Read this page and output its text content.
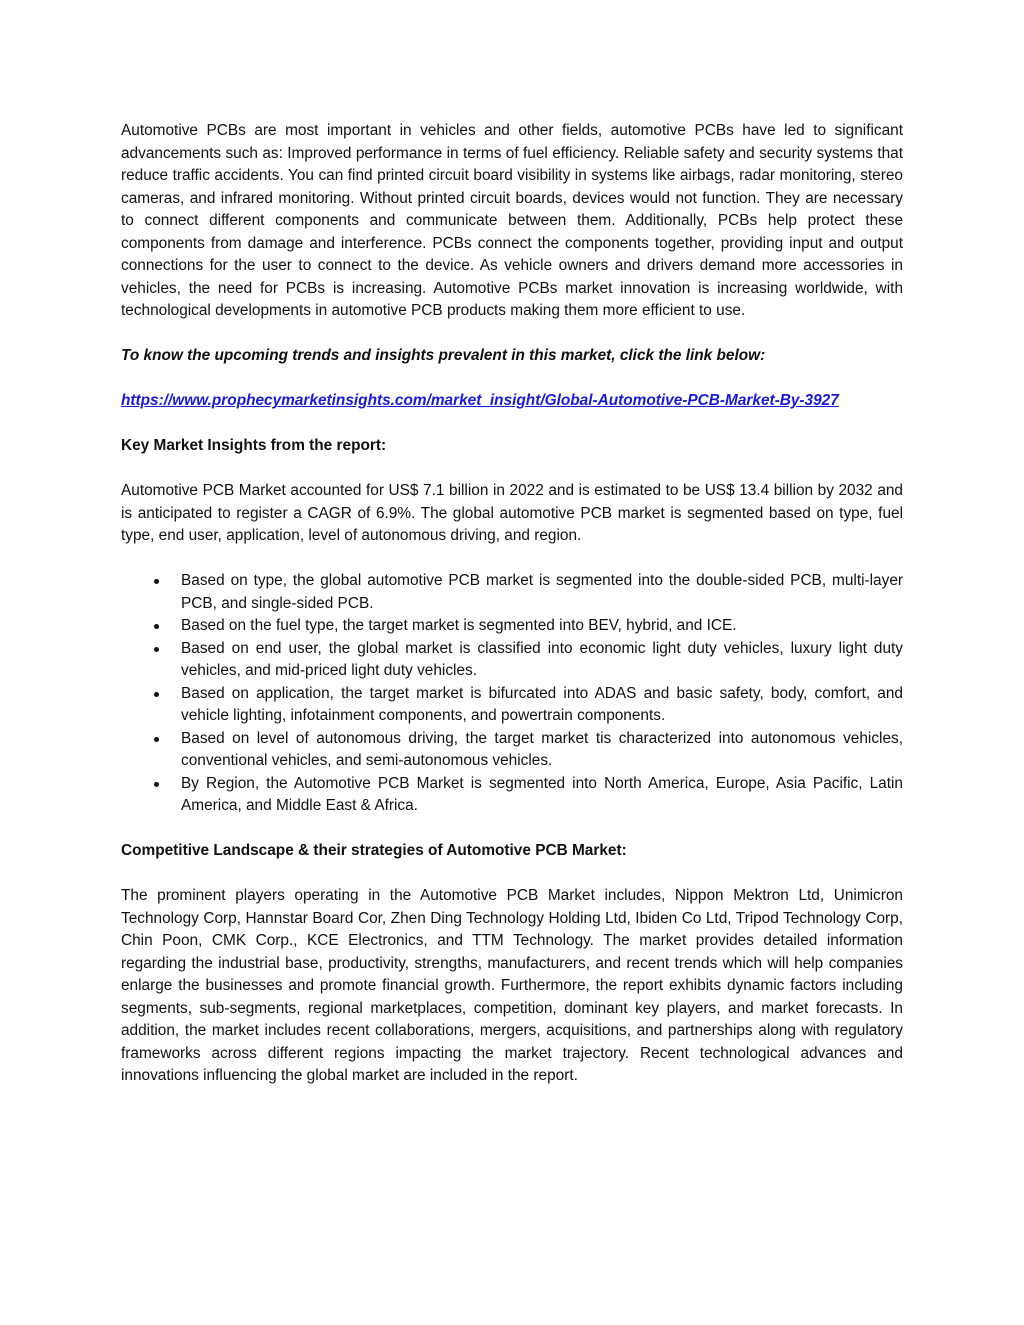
Automotive PCBs are most important in vehicles and other fields, automotive PCBs have led to significant advancements such as: Improved performance in terms of fuel efficiency. Reliable safety and security systems that reduce traffic accidents. You can find printed circuit board visibility in systems like airbags, radar monitoring, stereo cameras, and infrared monitoring. Without printed circuit boards, devices would not function. They are necessary to connect different components and communicate between them. Additionally, PCBs help protect these components from damage and interference. PCBs connect the components together, providing input and output connections for the user to connect to the device. As vehicle owners and drivers demand more accessories in vehicles, the need for PCBs is increasing. Automotive PCBs market innovation is increasing worldwide, with technological developments in automotive PCB products making them more efficient to use.

To know the upcoming trends and insights prevalent in this market, click the link below:

https://www.prophecymarketinsights.com/market_insight/Global-Automotive-PCB-Market-By-3927

Key Market Insights from the report:

Automotive PCB Market accounted for US$ 7.1 billion in 2022 and is estimated to be US$ 13.4 billion by 2032 and is anticipated to register a CAGR of 6.9%. The global automotive PCB market is segmented based on type, fuel type, end user, application, level of autonomous driving, and region.

Based on type, the global automotive PCB market is segmented into the double-sided PCB, multi-layer PCB, and single-sided PCB.
Based on the fuel type, the target market is segmented into BEV, hybrid, and ICE.
Based on end user, the global market is classified into economic light duty vehicles, luxury light duty vehicles, and mid-priced light duty vehicles.
Based on application, the target market is bifurcated into ADAS and basic safety, body, comfort, and vehicle lighting, infotainment components, and powertrain components.
Based on level of autonomous driving, the target market tis characterized into autonomous vehicles, conventional vehicles, and semi-autonomous vehicles.
By Region, the Automotive PCB Market is segmented into North America, Europe, Asia Pacific, Latin America, and Middle East & Africa.

Competitive Landscape & their strategies of Automotive PCB Market:

The prominent players operating in the Automotive PCB Market includes, Nippon Mektron Ltd, Unimicron Technology Corp, Hannstar Board Cor, Zhen Ding Technology Holding Ltd, Ibiden Co Ltd, Tripod Technology Corp, Chin Poon, CMK Corp., KCE Electronics, and TTM Technology. The market provides detailed information regarding the industrial base, productivity, strengths, manufacturers, and recent trends which will help companies enlarge the businesses and promote financial growth. Furthermore, the report exhibits dynamic factors including segments, sub-segments, regional marketplaces, competition, dominant key players, and market forecasts. In addition, the market includes recent collaborations, mergers, acquisitions, and partnerships along with regulatory frameworks across different regions impacting the market trajectory. Recent technological advances and innovations influencing the global market are included in the report.
